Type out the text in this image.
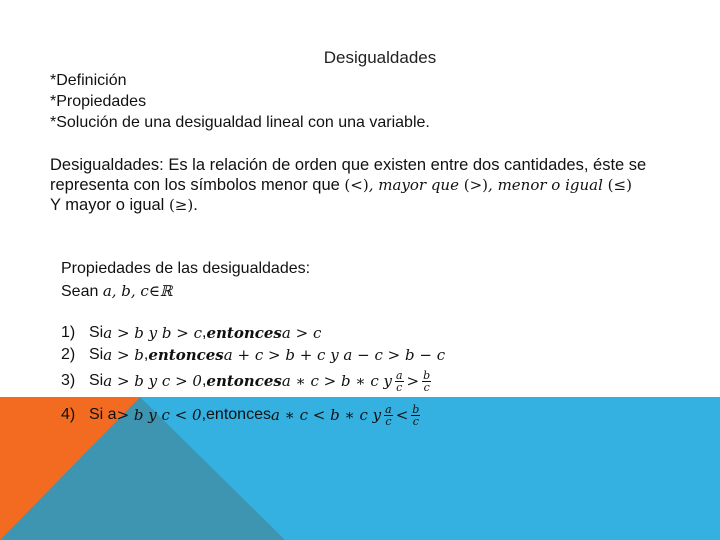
Desigualdades
*Definición
*Propiedades
*Solución de una desigualdad lineal con una variable.
Desigualdades: Es la relación de orden que existen entre dos cantidades, éste se
representa con los símbolos menor que (<), mayor que (>), menor o igual (≤)
Y mayor o igual (≥).
Propiedades de las desigualdades:
Sean a, b, c∈ℝ
1) Si a > b y b > c , entonces a > c
2) Si a > b , entonces a + c > b + c y a − c > b − c
3) Si a > b y c > 0 , entonces a ∗ c > b ∗ c y $\frac{a}{c} > \frac{b}{c}$
4) Si a > b y c < 0 , entonces a ∗ c < b ∗ c y $\frac{a}{c} < \frac{b}{c}$
